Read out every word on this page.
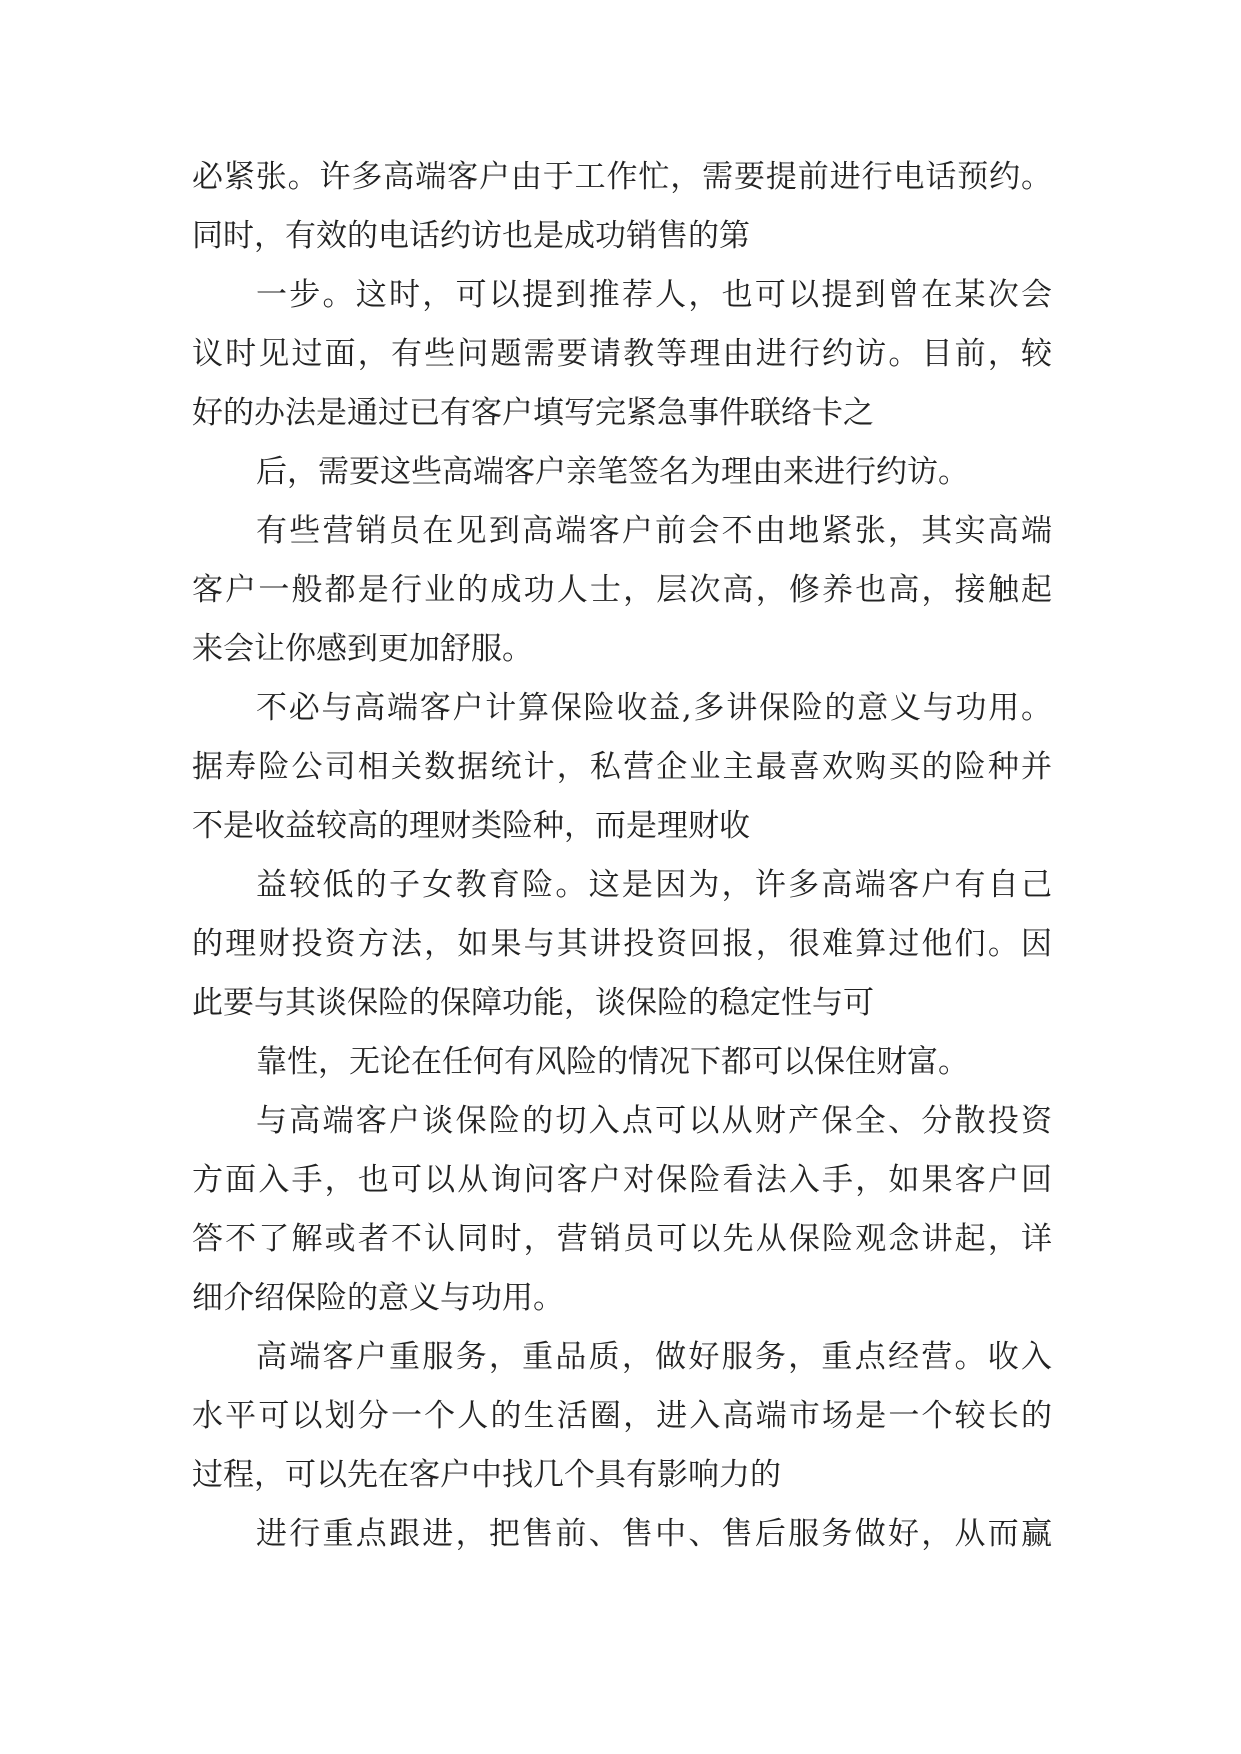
必紧张。许多高端客户由于工作忙，需要提前进行电话预约。
同时，有效的电话约访也是成功销售的第
一步。这时，可以提到推荐人，也可以提到曾在某次会
议时见过面，有些问题需要请教等理由进行约访。目前，较
好的办法是通过已有客户填写完紧急事件联络卡之
后，需要这些高端客户亲笔签名为理由来进行约访。
有些营销员在见到高端客户前会不由地紧张，其实高端
客户一般都是行业的成功人士，层次高，修养也高，接触起
来会让你感到更加舒服。
不必与高端客户计算保险收益,多讲保险的意义与功用。
据寿险公司相关数据统计，私营企业主最喜欢购买的险种并
不是收益较高的理财类险种，而是理财收
益较低的子女教育险。这是因为，许多高端客户有自己
的理财投资方法，如果与其讲投资回报，很难算过他们。因
此要与其谈保险的保障功能，谈保险的稳定性与可
靠性，无论在任何有风险的情况下都可以保住财富。
与高端客户谈保险的切入点可以从财产保全、分散投资
方面入手，也可以从询问客户对保险看法入手，如果客户回
答不了解或者不认同时，营销员可以先从保险观念讲起，详
细介绍保险的意义与功用。
高端客户重服务，重品质，做好服务，重点经营。收入
水平可以划分一个人的生活圈，进入高端市场是一个较长的
过程，可以先在客户中找几个具有影响力的
进行重点跟进，把售前、售中、售后服务做好，从而赢
